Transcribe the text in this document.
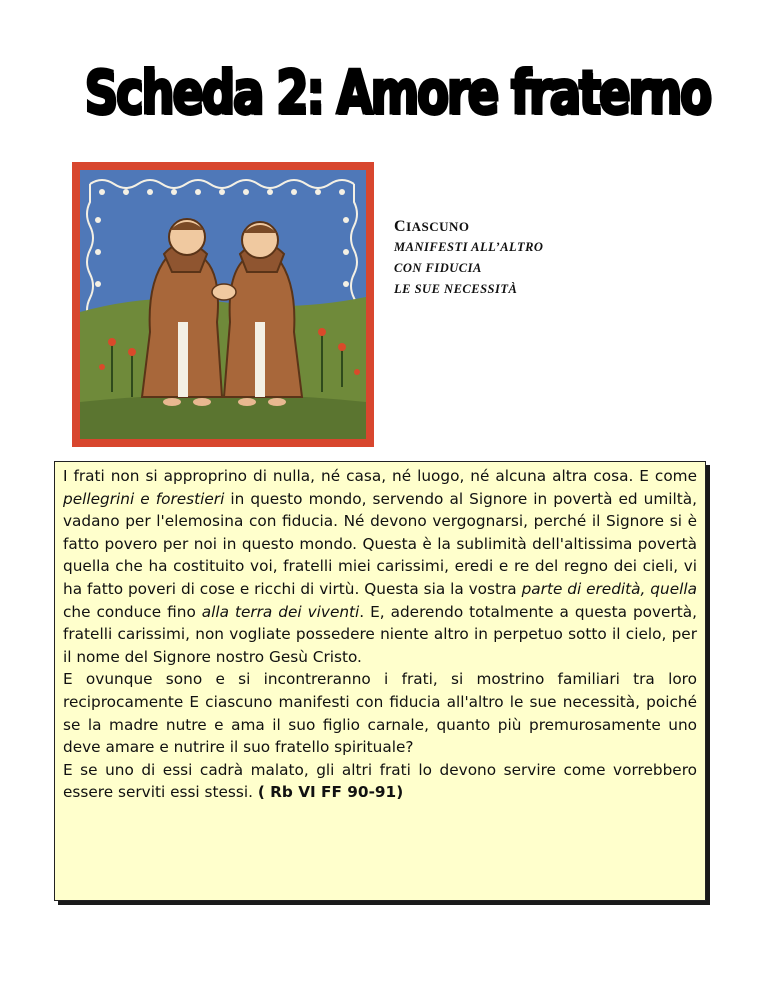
Scheda 2: Amore fraterno
CIASCUNO
MANIFESTI ALL’ALTRO
CON FIDUCIA
LE SUE NECESSITÀ

I frati non si approprino di nulla, né casa, né luogo, né alcuna altra cosa. E come pellegrini e forestieri in questo mondo, servendo al Signore in povertà ed umiltà, vadano per l'elemosina con fiducia. Né devono vergognarsi, perché il Signore si è fatto povero per noi in questo mondo. Questa è la sublimità dell'altissima povertà quella che ha costituito voi, fratelli miei carissimi, eredi e re del regno dei cieli, vi ha fatto poveri di cose e ricchi di virtù. Questa sia la vostra parte di eredità, quella che conduce fino alla terra dei viventi. E, aderendo totalmente a questa povertà, fratelli carissimi, non vogliate possedere niente altro in perpetuo sotto il cielo, per il nome del Signore nostro Gesù Cristo.

E ovunque sono e si incontreranno i frati, si mostrino familiari tra loro reciprocamente E ciascuno manifesti con fiducia all'altro le sue necessità, poiché se la madre nutre e ama il suo figlio carnale, quanto più premurosamente uno deve amare e nutrire il suo fratello spirituale?

E se uno di essi cadrà malato, gli altri frati lo devono servire come vorrebbero essere serviti essi stessi. ( Rb VI FF 90-91)
